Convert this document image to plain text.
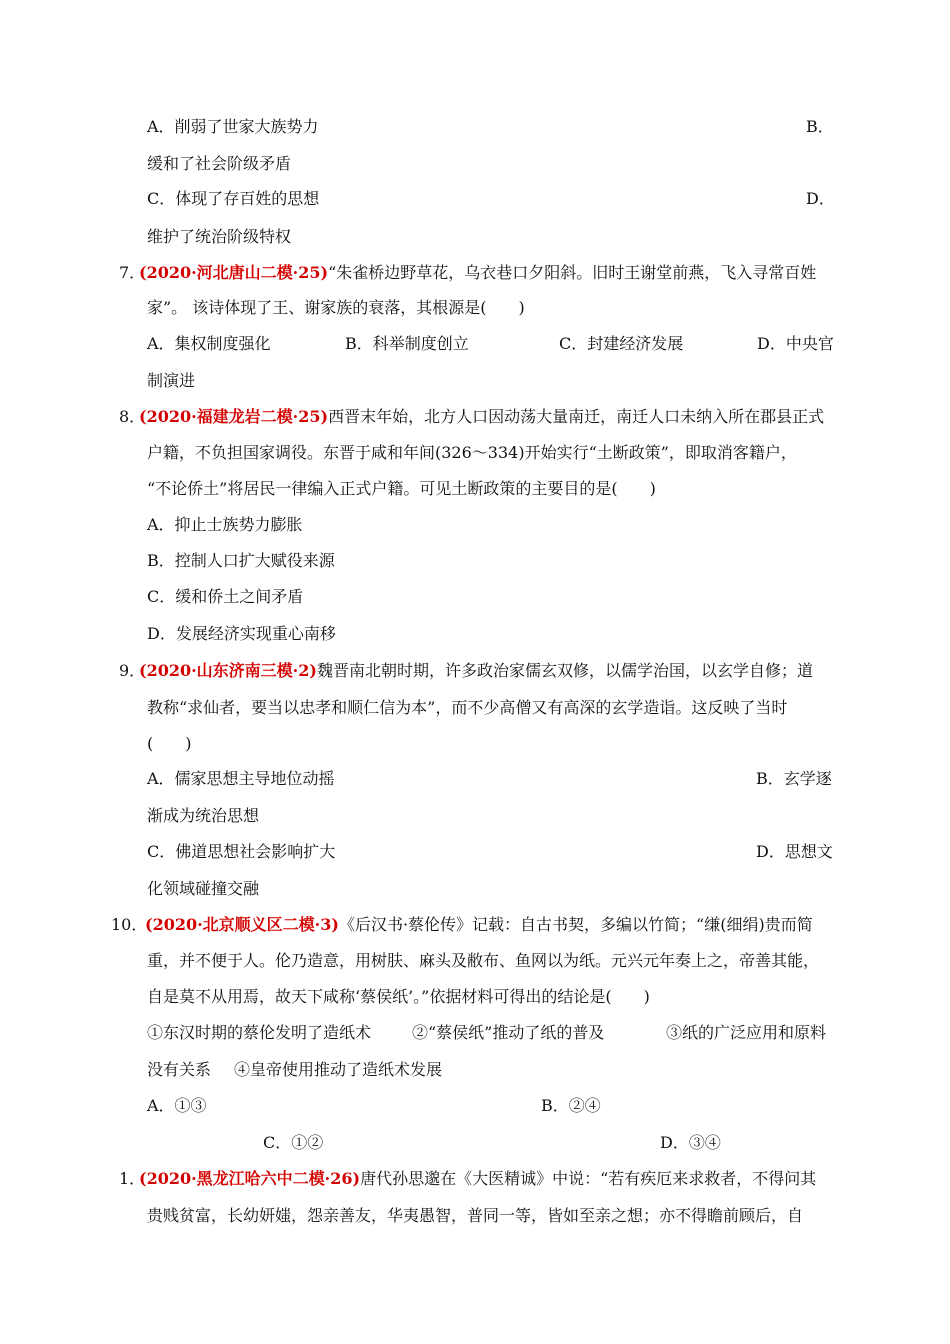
A．削弱了世家大族势力	B．
缓和了社会阶级矛盾
C．体现了存百姓的思想	D．
维护了统治阶级特权
7．
(2020·河北唐山二模·25)“朱雀桥边野草花，乌衣巷口夕阳斜。旧时王谢堂前燕，飞入寻常百姓
家”。 该诗体现了王、谢家族的衰落，其根源是(　　)
A．集权制度强化	B．科举制度创立	C．封建经济发展	D．中央官
制演进
8．
(2020·福建龙岩二模·25)西晋末年始，北方人口因动荡大量南迁，南迁人口未纳入所在郡县正式
户籍，不负担国家调役。东晋于咸和年间(326～334)开始实行“土断政策”，即取消客籍户，
“不论侨土”将居民一律编入正式户籍。可见土断政策的主要目的是(　　)
A．抑止士族势力膨胀
B．控制人口扩大赋役来源
C．缓和侨土之间矛盾
D．发展经济实现重心南移
9．
(2020·山东济南三模·2)魏晋南北朝时期，许多政治家儒玄双修，以儒学治国，以玄学自修；道
教称“求仙者，要当以忠孝和顺仁信为本”，而不少高僧又有高深的玄学造诣。这反映了当时
(　　)
A．儒家思想主导地位动摇	B．玄学逐
渐成为统治思想
C．佛道思想社会影响扩大	D．思想文
化领域碰撞交融
10．
(2020·北京顺义区二模·3)《后汉书·蔡伦传》记载：自古书契，多编以竹简；“缣(细绢)贵而简
重，并不便于人。伦乃造意，用树肤、麻头及敝布、鱼网以为纸。元兴元年奏上之，帝善其能，
自是莫不从用焉，故天下咸称‘蔡侯纸’。”依据材料可得出的结论是(　　)
①东汉时期的蔡伦发明了造纸术	②“蔡侯纸”推动了纸的普及	③纸的广泛应用和原料
没有关系 ④皇帝使用推动了造纸术发展
A．①③	B．②④
C．①②	D．③④
1．
(2020·黑龙江哈六中二模·26)唐代孙思邈在《大医精诚》中说：“若有疾厄来求救者，不得问其
贵贱贫富，长幼妍媸，怨亲善友，华夷愚智，普同一等，皆如至亲之想；亦不得瞻前顾后，自
